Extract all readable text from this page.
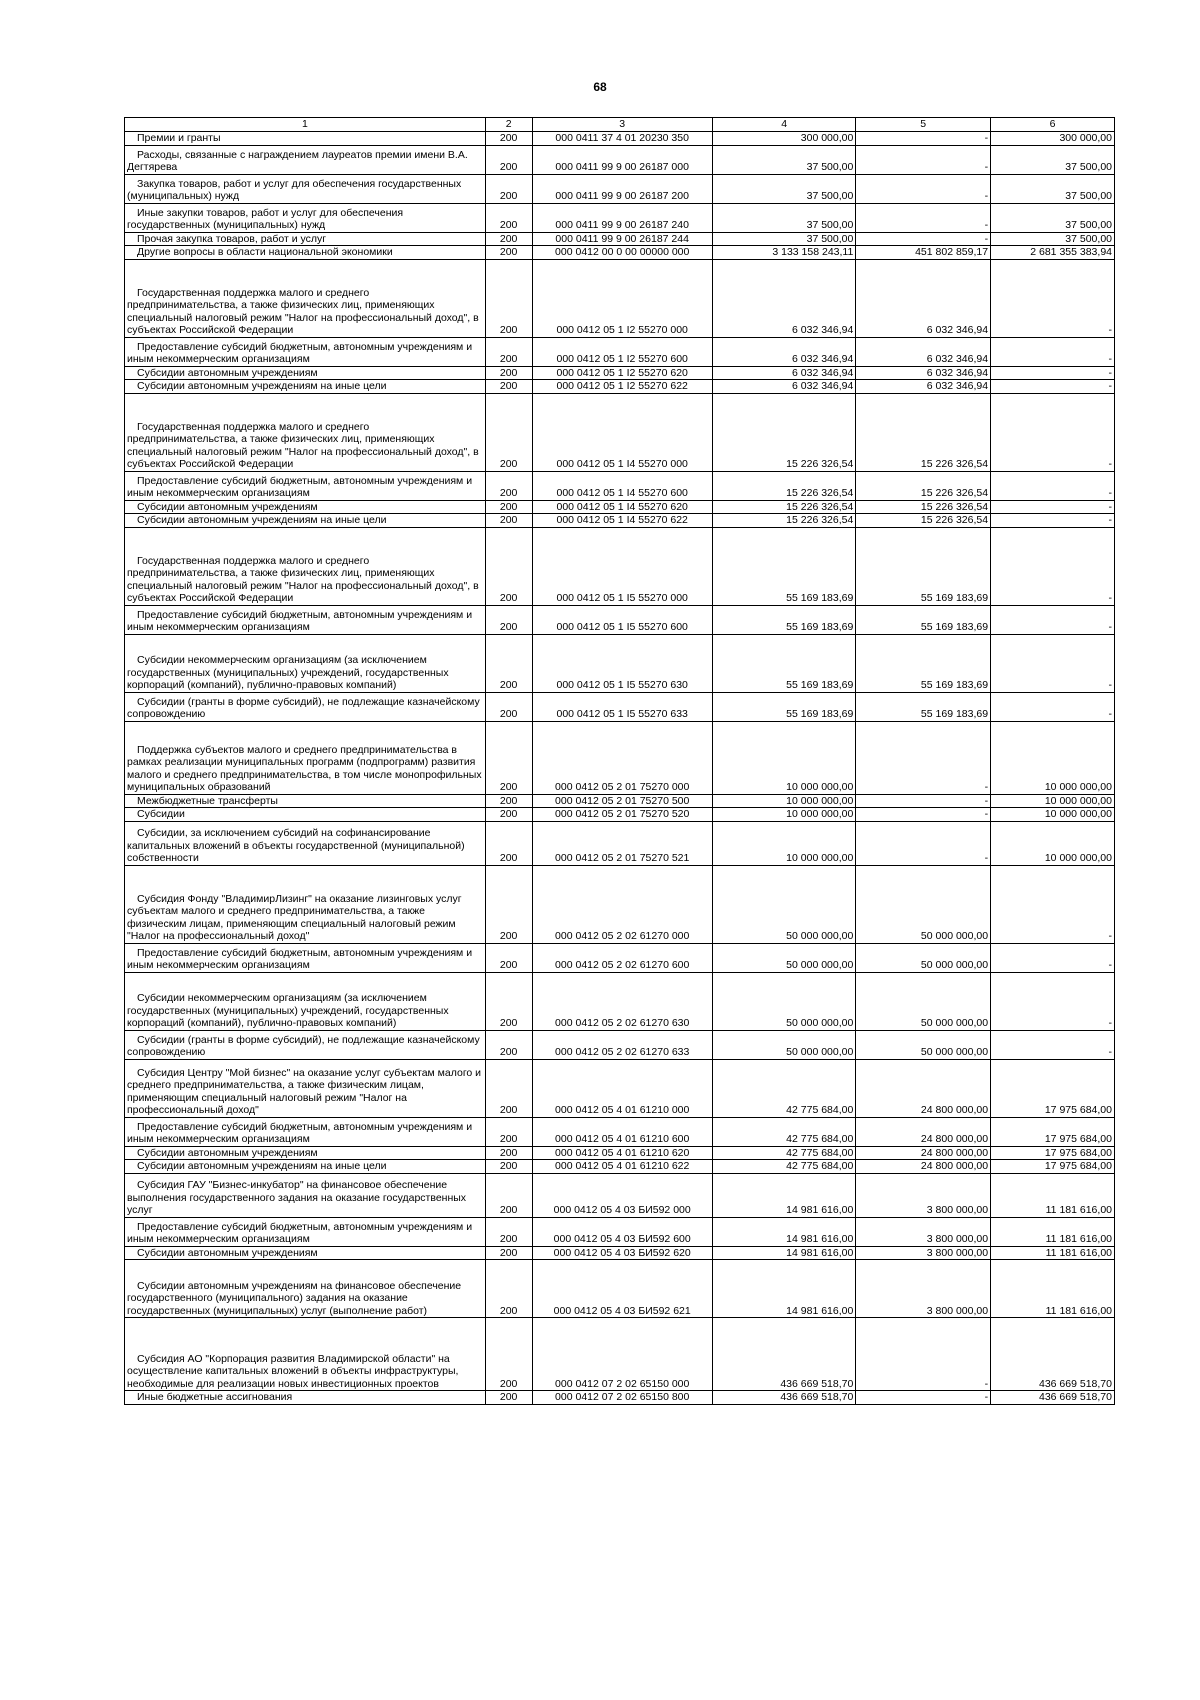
68
1	2	3	4	5	6

Премии и гранты	200	000 0411 37 4 01 20230 350	300 000,00	-	300 000,00

Расходы, связанные с награждением лауреатов премии имени В.А. Дегтярева	200	000 0411 99 9 00 26187 000	37 500,00	-	37 500,00

Закупка товаров, работ и услуг для обеспечения государственных (муниципальных) нужд	200	000 0411 99 9 00 26187 200	37 500,00	-	37 500,00

Иные закупки товаров, работ и услуг для обеспечения государственных (муниципальных) нужд	200	000 0411 99 9 00 26187 240	37 500,00	-	37 500,00

Прочая закупка товаров, работ и услуг	200	000 0411 99 9 00 26187 244	37 500,00	-	37 500,00

Другие вопросы в области национальной экономики	200	000 0412 00 0 00 00000 000	3 133 158 243,11	451 802 859,17	2 681 355 383,94

Государственная поддержка малого и среднего предпринимательства, а также физических лиц, применяющих специальный налоговый режим "Налог на профессиональный доход", в субъектах Российской Федерации	200	000 0412 05 1 I2 55270 000	6 032 346,94	6 032 346,94	-

Предоставление субсидий бюджетным, автономным учреждениям и иным некоммерческим организациям	200	000 0412 05 1 I2 55270 600	6 032 346,94	6 032 346,94	-

Субсидии автономным учреждениям	200	000 0412 05 1 I2 55270 620	6 032 346,94	6 032 346,94	-

Субсидии автономным учреждениям на иные цели	200	000 0412 05 1 I2 55270 622	6 032 346,94	6 032 346,94	-

Государственная поддержка малого и среднего предпринимательства, а также физических лиц, применяющих специальный налоговый режим "Налог на профессиональный доход", в субъектах Российской Федерации	200	000 0412 05 1 I4 55270 000	15 226 326,54	15 226 326,54	-

Предоставление субсидий бюджетным, автономным учреждениям и иным некоммерческим организациям	200	000 0412 05 1 I4 55270 600	15 226 326,54	15 226 326,54	-

Субсидии автономным учреждениям	200	000 0412 05 1 I4 55270 620	15 226 326,54	15 226 326,54	-

Субсидии автономным учреждениям на иные цели	200	000 0412 05 1 I4 55270 622	15 226 326,54	15 226 326,54	-

Государственная поддержка малого и среднего предпринимательства, а также физических лиц, применяющих специальный налоговый режим "Налог на профессиональный доход", в субъектах Российской Федерации	200	000 0412 05 1 I5 55270 000	55 169 183,69	55 169 183,69	-

Предоставление субсидий бюджетным, автономным учреждениям и иным некоммерческим организациям	200	000 0412 05 1 I5 55270 600	55 169 183,69	55 169 183,69	-

Субсидии некоммерческим организациям (за исключением государственных (муниципальных) учреждений, государственных корпораций (компаний), публично-правовых компаний)	200	000 0412 05 1 I5 55270 630	55 169 183,69	55 169 183,69	-

Субсидии (гранты в форме субсидий), не подлежащие казначейскому сопровождению	200	000 0412 05 1 I5 55270 633	55 169 183,69	55 169 183,69	-

Поддержка субъектов малого и среднего предпринимательства в рамках реализации муниципальных программ (подпрограмм) развития малого и среднего предпринимательства, в том числе монопрофильных муниципальных образований	200	000 0412 05 2 01 75270 000	10 000 000,00	-	10 000 000,00

Межбюджетные трансферты	200	000 0412 05 2 01 75270 500	10 000 000,00	-	10 000 000,00

Субсидии	200	000 0412 05 2 01 75270 520	10 000 000,00	-	10 000 000,00

Субсидии, за исключением субсидий на софинансирование капитальных вложений в объекты государственной (муниципальной) собственности	200	000 0412 05 2 01 75270 521	10 000 000,00	-	10 000 000,00

Субсидия Фонду "ВладимирЛизинг" на оказание лизинговых услуг субъектам малого и среднего предпринимательства, а также физическим лицам, применяющим специальный налоговый режим "Налог на профессиональный доход"	200	000 0412 05 2 02 61270 000	50 000 000,00	50 000 000,00	-

Предоставление субсидий бюджетным, автономным учреждениям и иным некоммерческим организациям	200	000 0412 05 2 02 61270 600	50 000 000,00	50 000 000,00	-

Субсидии некоммерческим организациям (за исключением государственных (муниципальных) учреждений, государственных корпораций (компаний), публично-правовых компаний)	200	000 0412 05 2 02 61270 630	50 000 000,00	50 000 000,00	-

Субсидии (гранты в форме субсидий), не подлежащие казначейскому сопровождению	200	000 0412 05 2 02 61270 633	50 000 000,00	50 000 000,00	-

Субсидия Центру "Мой бизнес" на оказание услуг субъектам малого и среднего предпринимательства, а также физическим лицам, применяющим специальный налоговый режим "Налог на профессиональный доход"	200	000 0412 05 4 01 61210 000	42 775 684,00	24 800 000,00	17 975 684,00

Предоставление субсидий бюджетным, автономным учреждениям и иным некоммерческим организациям	200	000 0412 05 4 01 61210 600	42 775 684,00	24 800 000,00	17 975 684,00

Субсидии автономным учреждениям	200	000 0412 05 4 01 61210 620	42 775 684,00	24 800 000,00	17 975 684,00

Субсидии автономным учреждениям на иные цели	200	000 0412 05 4 01 61210 622	42 775 684,00	24 800 000,00	17 975 684,00

Субсидия ГАУ "Бизнес-инкубатор" на финансовое обеспечение выполнения государственного задания на оказание государственных услуг	200	000 0412 05 4 03 БИ592 000	14 981 616,00	3 800 000,00	11 181 616,00

Предоставление субсидий бюджетным, автономным учреждениям и иным некоммерческим организациям	200	000 0412 05 4 03 БИ592 600	14 981 616,00	3 800 000,00	11 181 616,00

Субсидии автономным учреждениям	200	000 0412 05 4 03 БИ592 620	14 981 616,00	3 800 000,00	11 181 616,00

Субсидии автономным учреждениям на финансовое обеспечение государственного (муниципального) задания на оказание государственных (муниципальных) услуг (выполнение работ)	200	000 0412 05 4 03 БИ592 621	14 981 616,00	3 800 000,00	11 181 616,00

Субсидия АО "Корпорация развития Владимирской области" на осуществление капитальных вложений в объекты инфраструктуры, необходимые для реализации новых инвестиционных проектов	200	000 0412 07 2 02 65150 000	436 669 518,70	-	436 669 518,70

Иные бюджетные ассигнования	200	000 0412 07 2 02 65150 800	436 669 518,70	-	436 669 518,70
